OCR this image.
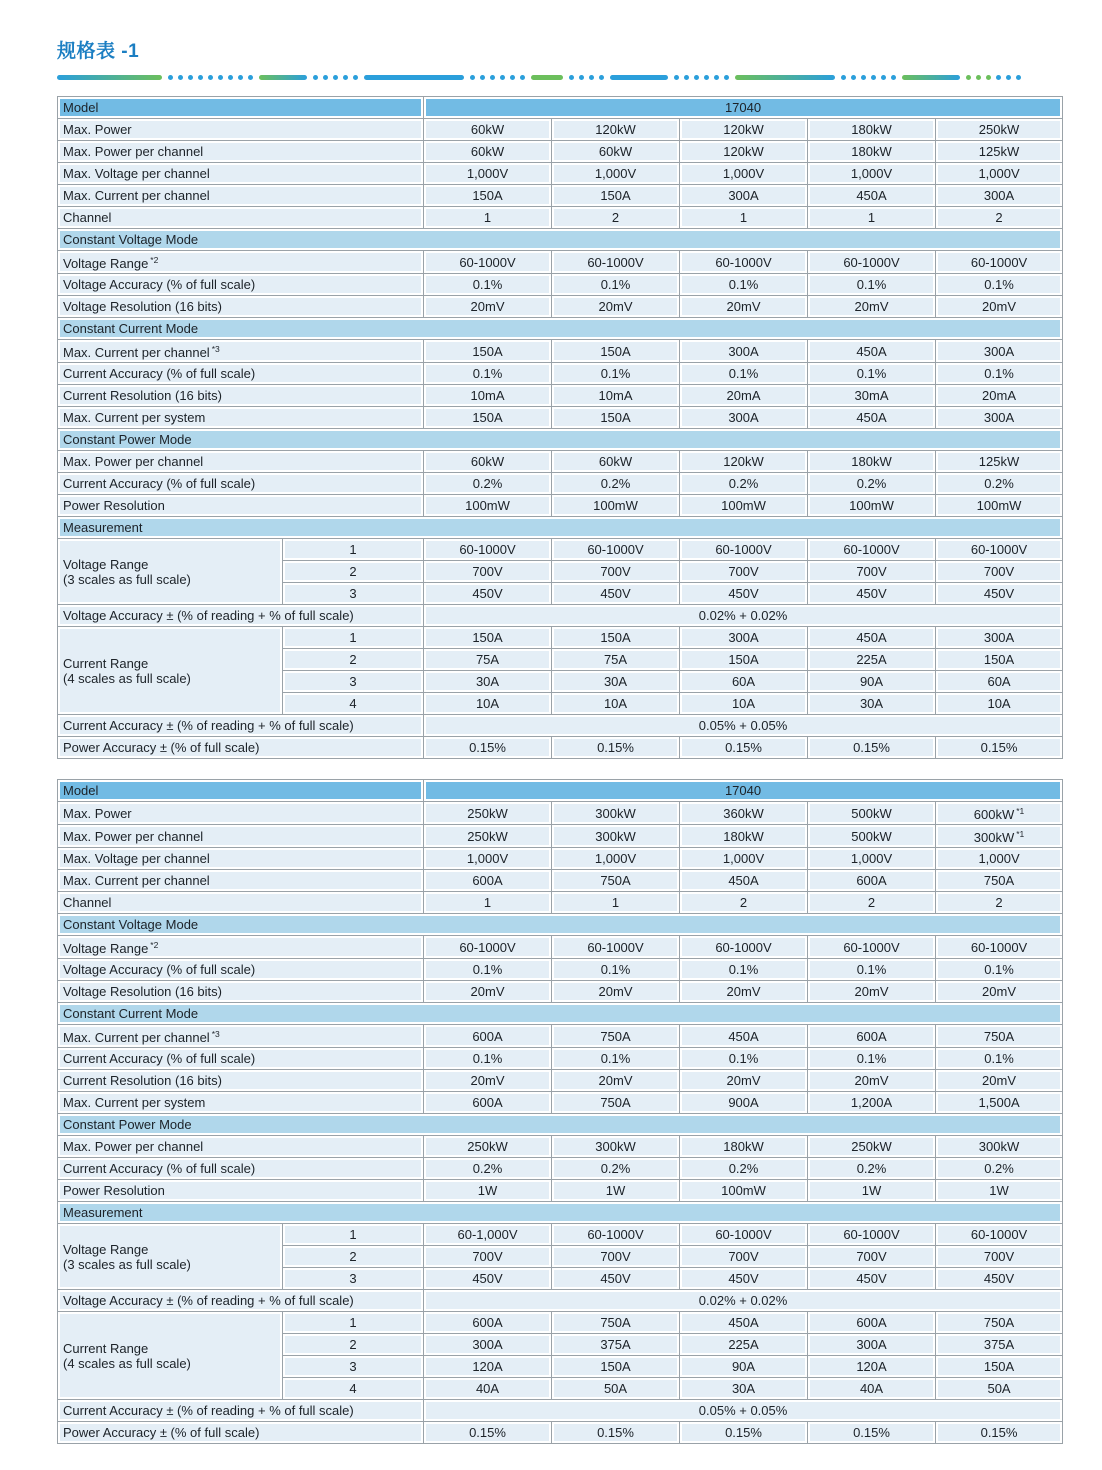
规格表 -1
Model		17040				
Max. Power		60kW	120kW	120kW	180kW	250kW
Max. Power per channel		60kW	60kW	120kW	180kW	125kW
Max. Voltage per channel		1,000V	1,000V	1,000V	1,000V	1,000V
Max. Current per channel		150A	150A	300A	450A	300A
Channel		1	2	1	1	2
Constant Voltage Mode						
Voltage Range $^{*2}$		60-1000V	60-1000V	60-1000V	60-1000V	60-1000V
Voltage Accuracy (% of full scale)		0.1%	0.1%	0.1%	0.1%	0.1%
Voltage Resolution (16 bits)		20mV	20mV	20mV	20mV	20mV
Constant Current Mode						
Max. Current per channel $^{*3}$		150A	150A	300A	450A	300A
Current Accuracy (% of full scale)		0.1%	0.1%	0.1%	0.1%	0.1%
Current Resolution (16 bits)		10mA	10mA	20mA	30mA	20mA
Max. Current per system		150A	150A	300A	450A	300A
Constant Power Mode						
Max. Power per channel		60kW	60kW	120kW	180kW	125kW
Current Accuracy (% of full scale)		0.2%	0.2%	0.2%	0.2%	0.2%
Power Resolution		100mW	100mW	100mW	100mW	100mW
Measurement						
Voltage Range
(3 scales as full scale)	1	60-1000V	60-1000V	60-1000V	60-1000V	60-1000V
	2	700V	700V	700V	700V	700V
	3	450V	450V	450V	450V	450V
Voltage Accuracy ± (% of reading + % of full scale)		0.02% + 0.02%				
Current Range
(4 scales as full scale)	1	150A	150A	300A	450A	300A
	2	75A	75A	150A	225A	150A
	3	30A	30A	60A	90A	60A
	4	10A	10A	10A	30A	10A
Current Accuracy ± (% of reading + % of full scale)		0.05% + 0.05%				
Power Accuracy ± (% of full scale)		0.15%	0.15%	0.15%	0.15%	0.15%
Model		17040				
Max. Power		250kW	300kW	360kW	500kW	600kW $^{*1}$
Max. Power per channel		250kW	300kW	180kW	500kW	300kW $^{*1}$
Max. Voltage per channel		1,000V	1,000V	1,000V	1,000V	1,000V
Max. Current per channel		600A	750A	450A	600A	750A
Channel		1	1	2	2	2
Constant Voltage Mode						
Voltage Range $^{*2}$		60-1000V	60-1000V	60-1000V	60-1000V	60-1000V
Voltage Accuracy (% of full scale)		0.1%	0.1%	0.1%	0.1%	0.1%
Voltage Resolution (16 bits)		20mV	20mV	20mV	20mV	20mV
Constant Current Mode						
Max. Current per channel $^{*3}$		600A	750A	450A	600A	750A
Current Accuracy (% of full scale)		0.1%	0.1%	0.1%	0.1%	0.1%
Current Resolution (16 bits)		20mV	20mV	20mV	20mV	20mV
Max. Current per system		600A	750A	900A	1,200A	1,500A
Constant Power Mode						
Max. Power per channel		250kW	300kW	180kW	250kW	300kW
Current Accuracy (% of full scale)		0.2%	0.2%	0.2%	0.2%	0.2%
Power Resolution		1W	1W	100mW	1W	1W
Measurement						
Voltage Range
(3 scales as full scale)	1	60-1,000V	60-1000V	60-1000V	60-1000V	60-1000V
	2	700V	700V	700V	700V	700V
	3	450V	450V	450V	450V	450V
Voltage Accuracy ± (% of reading + % of full scale)		0.02% + 0.02%				
Current Range
(4 scales as full scale)	1	600A	750A	450A	600A	750A
	2	300A	375A	225A	300A	375A
	3	120A	150A	90A	120A	150A
	4	40A	50A	30A	40A	50A
Current Accuracy ± (% of reading + % of full scale)		0.05% + 0.05%				
Power Accuracy ± (% of full scale)		0.15%	0.15%	0.15%	0.15%	0.15%
